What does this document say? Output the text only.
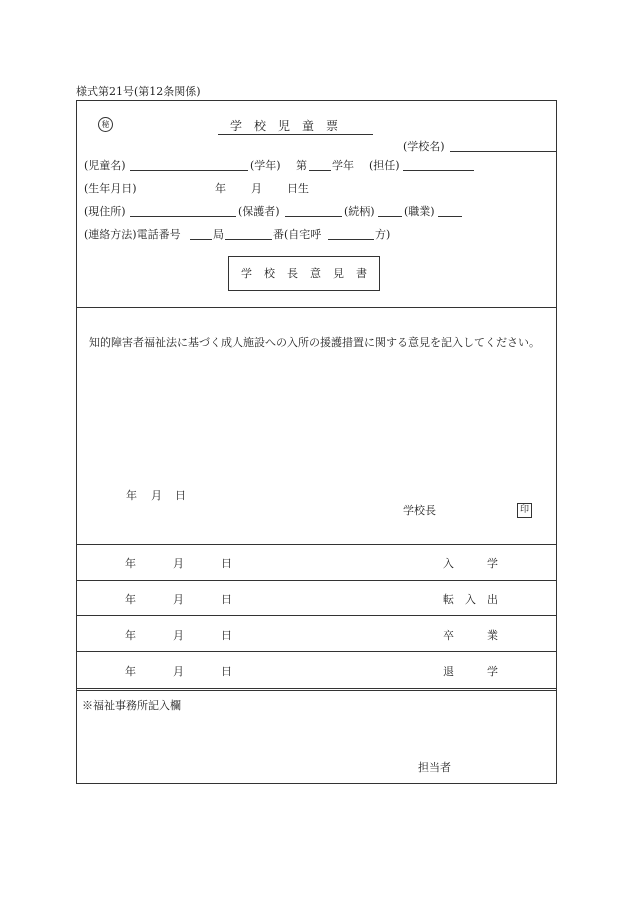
様式第21号(第12条関係)
秘	学　校　児　童　票
(学校名)
(児童名)	(学年) 第 学年 (担任)
(生年月日)	年 月 日生
(現住所)	(保護者)	(続柄)	(職業)
(連絡方法)電話番号	局	番(自宅呼	方)
学校長意見書
知的障害者福祉法に基づく成人施設への入所の援護措置に関する意見を記入してください。
年 月 日
学校長	印
年	月	日	入　　　学
年	月	日	転　入　出
年	月	日	卒　　　業
年	月	日	退　　　学
※福祉事務所記入欄
担当者
